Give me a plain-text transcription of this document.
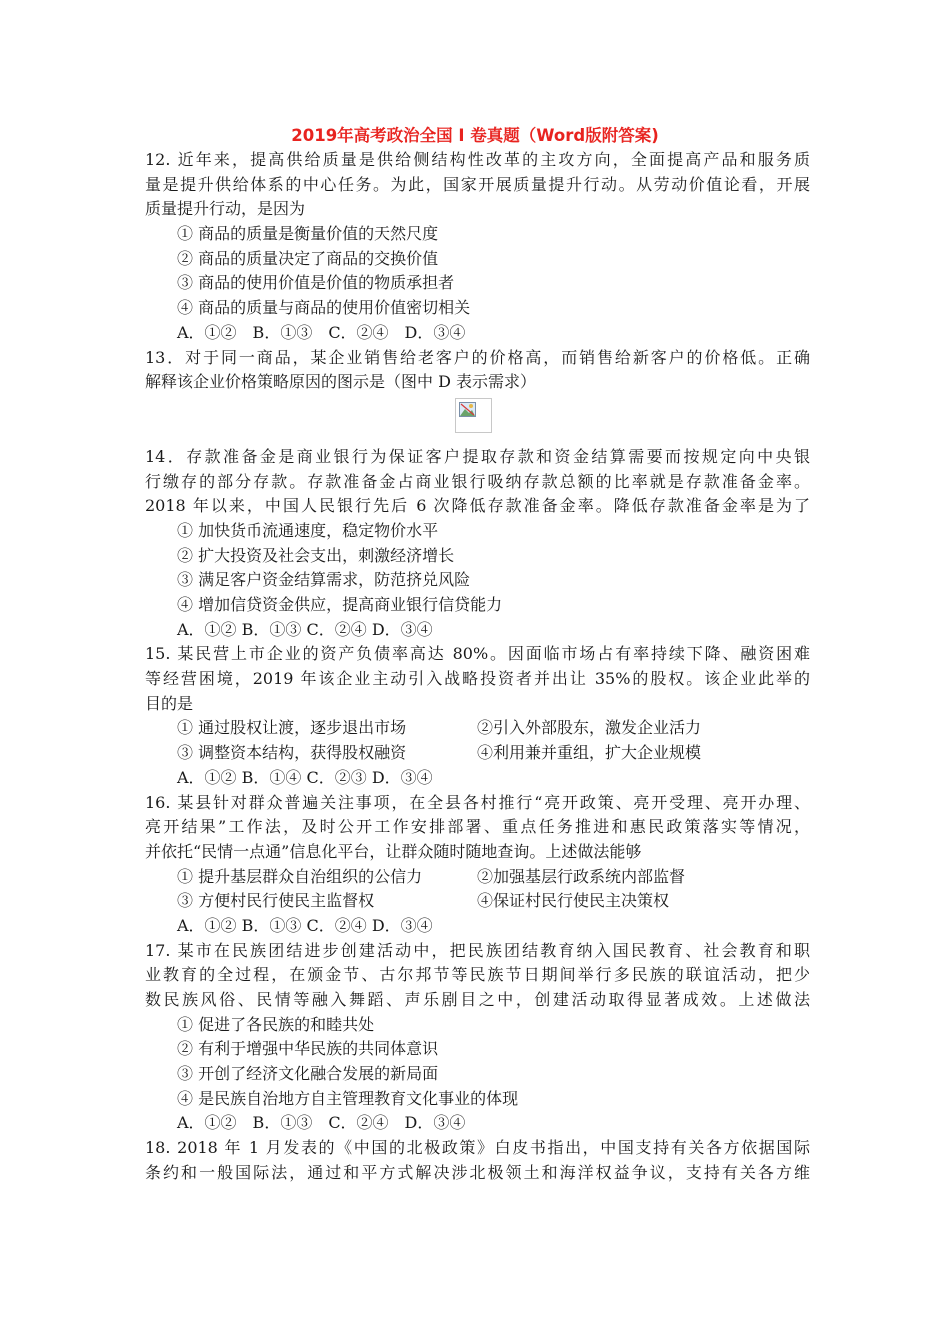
2019年高考政治全国 I 卷真题（Word版附答案)
12. 近年来，提高供给质量是供给侧结构性改革的主攻方向，全面提高产品和服务质
量是提升供给体系的中心任务。为此，国家开展质量提升行动。从劳动价值论看，开展
质量提升行动，是因为
① 商品的质量是衡量价值的天然尺度
② 商品的质量决定了商品的交换价值
③ 商品的使用价值是价值的物质承担者
④ 商品的质量与商品的使用价值密切相关
A．①②　B．①③　C．②④　D．③④
13．对于同一商品，某企业销售给老客户的价格高，而销售给新客户的价格低。正确
解释该企业价格策略原因的图示是（图中 D 表示需求）
14．存款准备金是商业银行为保证客户提取存款和资金结算需要而按规定向中央银
行缴存的部分存款。存款准备金占商业银行吸纳存款总额的比率就是存款准备金率。
2018 年以来，中国人民银行先后 6 次降低存款准备金率。降低存款准备金率是为了
① 加快货币流通速度，稳定物价水平
② 扩大投资及社会支出，刺激经济增长
③ 满足客户资金结算需求，防范挤兑风险
④ 增加信贷资金供应，提高商业银行信贷能力
A．①② B．①③ C．②④ D．③④
15. 某民营上市企业的资产负债率高达 80%。因面临市场占有率持续下降、融资困难
等经营困境，2019 年该企业主动引入战略投资者并出让 35%的股权。该企业此举的
目的是
① 通过股权让渡，逐步退出市场	②引入外部股东，激发企业活力
③ 调整资本结构，获得股权融资	④利用兼并重组，扩大企业规模
A．①② B．①④ C．②③ D．③④
16. 某县针对群众普遍关注事项，在全县各村推行“亮开政策、亮开受理、亮开办理、
亮开结果”工作法，及时公开工作安排部署、重点任务推进和惠民政策落实等情况，
并依托“民情一点通”信息化平台，让群众随时随地查询。上述做法能够
① 提升基层群众自治组织的公信力	②加强基层行政系统内部监督
③ 方便村民行使民主监督权	④保证村民行使民主决策权
A．①② B．①③ C．②④ D．③④
17. 某市在民族团结进步创建活动中，把民族团结教育纳入国民教育、社会教育和职
业教育的全过程，在颁金节、古尔邦节等民族节日期间举行多民族的联谊活动，把少
数民族风俗、民情等融入舞蹈、声乐剧目之中，创建活动取得显著成效。上述做法
① 促进了各民族的和睦共处
② 有利于增强中华民族的共同体意识
③ 开创了经济文化融合发展的新局面
④ 是民族自治地方自主管理教育文化事业的体现
A．①②　B．①③　C．②④　D．③④
18. 2018 年 1 月发表的《中国的北极政策》白皮书指出，中国支持有关各方依据国际
条约和一般国际法，通过和平方式解决涉北极领土和海洋权益争议，支持有关各方维
